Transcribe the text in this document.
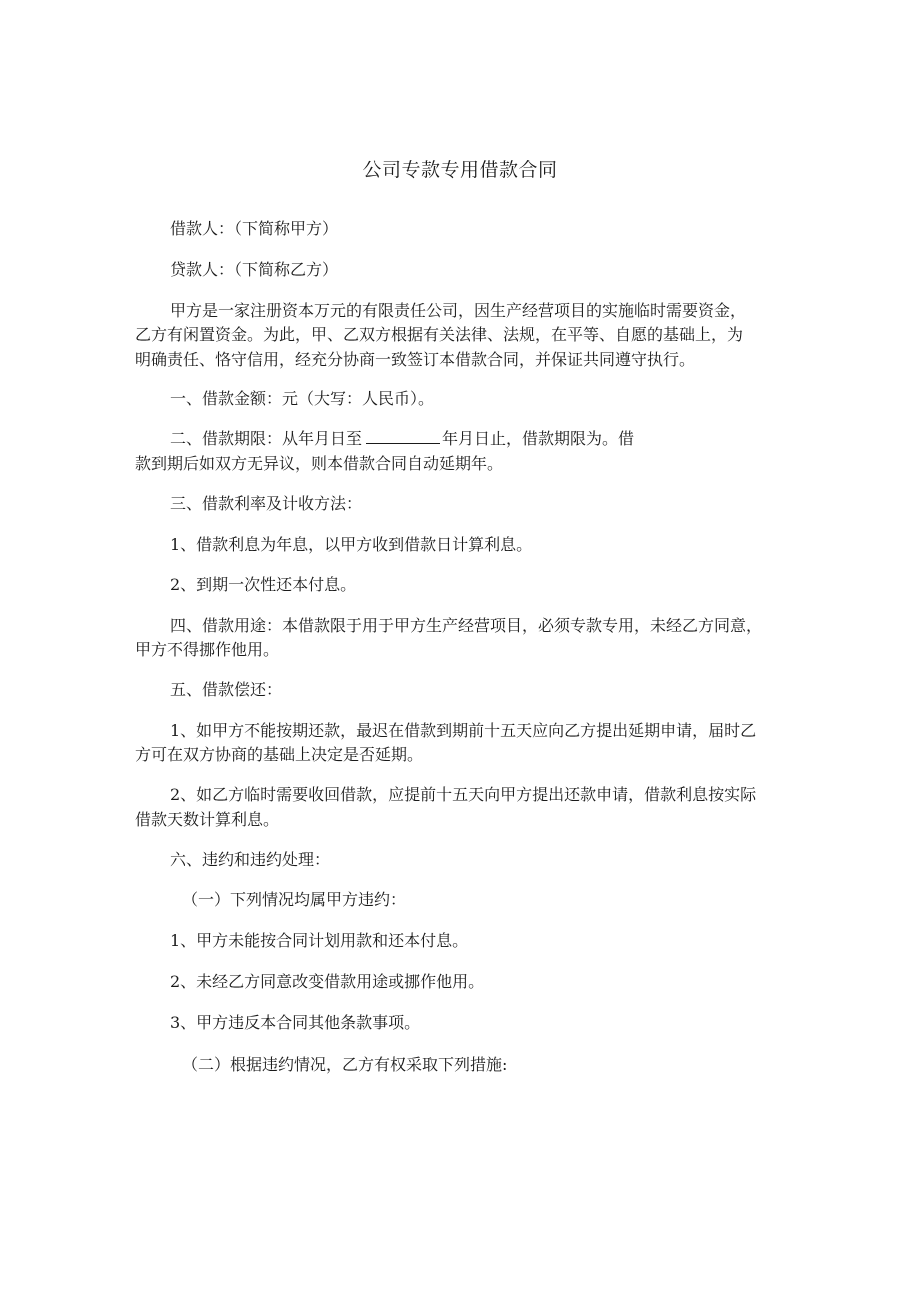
公司专款专用借款合同

借款人：（下简称甲方）

贷款人：（下简称乙方）

甲方是一家注册资本万元的有限责任公司，因生产经营项目的实施临时需要资金，

乙方有闲置资金。为此，甲、乙双方根据有关法律、法规，在平等、自愿的基础上，为

明确责任、恪守信用，经充分协商一致签订本借款合同，并保证共同遵守执行。

一、借款金额：元（大写：人民币）。

二、借款期限：从年月日至	年月日止，借款期限为。借

款到期后如双方无异议，则本借款合同自动延期年。

三、借款利率及计收方法：

1、借款利息为年息，以甲方收到借款日计算利息。

2、到期一次性还本付息。

四、借款用途：本借款限于用于甲方生产经营项目，必须专款专用，未经乙方同意，

甲方不得挪作他用。

五、借款偿还：

1、如甲方不能按期还款，最迟在借款到期前十五天应向乙方提出延期申请，届时乙

方可在双方协商的基础上决定是否延期。

2、如乙方临时需要收回借款，应提前十五天向甲方提出还款申请，借款利息按实际

借款天数计算利息。

六、违约和违约处理：

（一）下列情况均属甲方违约：

1、甲方未能按合同计划用款和还本付息。

2、未经乙方同意改变借款用途或挪作他用。

3、甲方违反本合同其他条款事项。

（二）根据违约情况，乙方有权采取下列措施:
